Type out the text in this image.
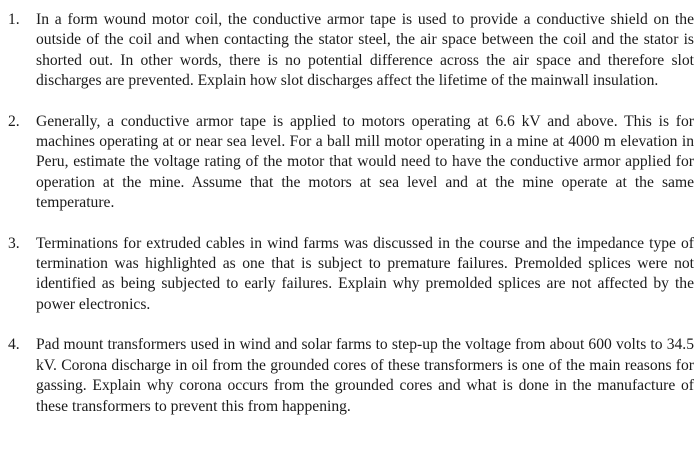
1.	In a form wound motor coil, the conductive armor tape is used to provide a conductive shield on the outside of the coil and when contacting the stator steel, the air space between the coil and the stator is shorted out. In other words, there is no potential difference across the air space and therefore slot discharges are prevented. Explain how slot discharges affect the lifetime of the mainwall insulation.
2.	Generally, a conductive armor tape is applied to motors operating at 6.6 kV and above. This is for machines operating at or near sea level. For a ball mill motor operating in a mine at 4000 m elevation in Peru, estimate the voltage rating of the motor that would need to have the conductive armor applied for operation at the mine. Assume that the motors at sea level and at the mine operate at the same temperature.
3.	Terminations for extruded cables in wind farms was discussed in the course and the impedance type of termination was highlighted as one that is subject to premature failures. Premolded splices were not identified as being subjected to early failures. Explain why premolded splices are not affected by the power electronics.
4.	Pad mount transformers used in wind and solar farms to step-up the voltage from about 600 volts to 34.5 kV. Corona discharge in oil from the grounded cores of these transformers is one of the main reasons for gassing. Explain why corona occurs from the grounded cores and what is done in the manufacture of these transformers to prevent this from happening.
